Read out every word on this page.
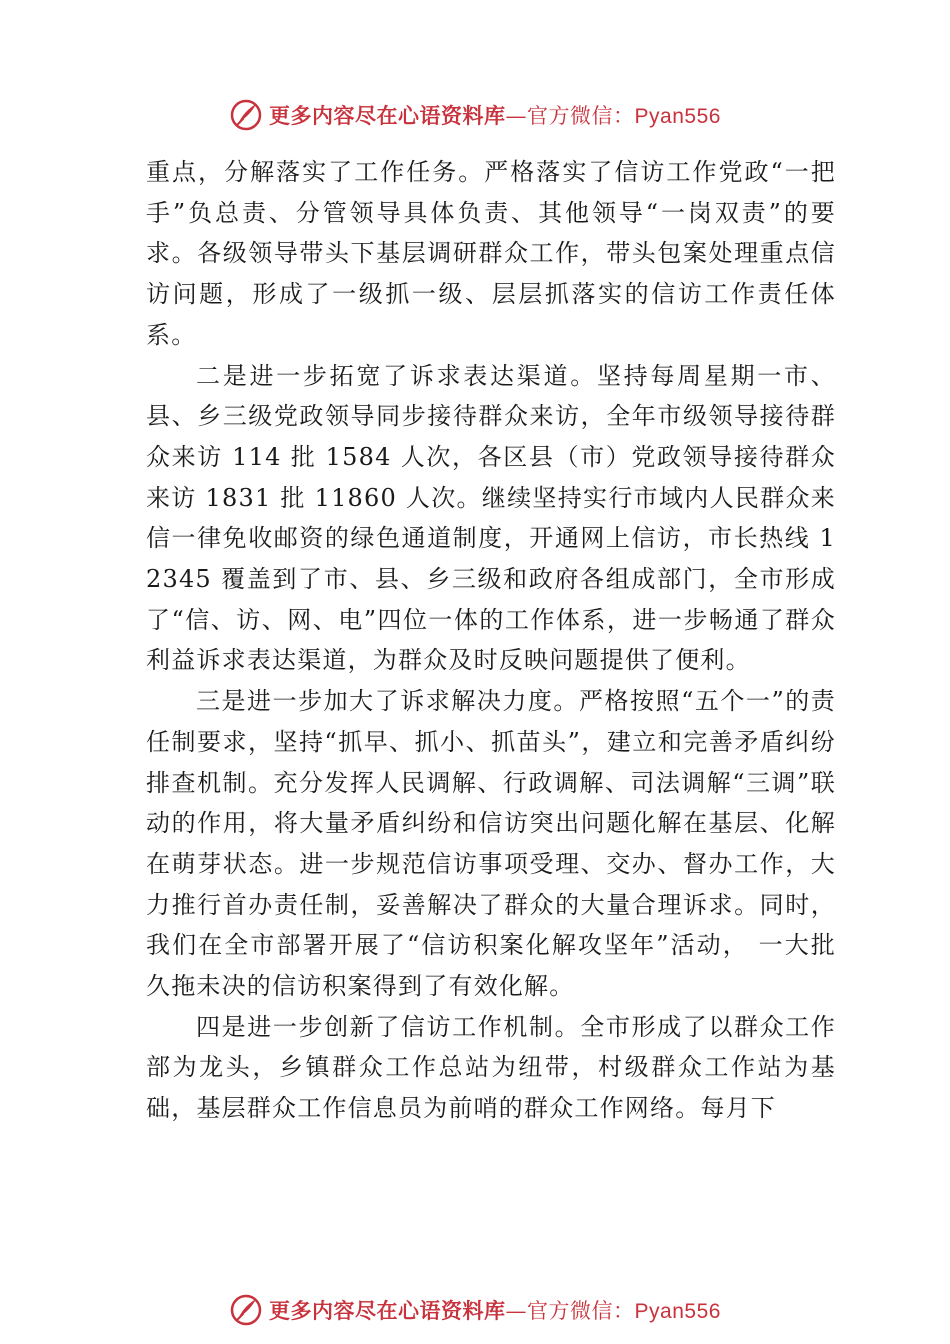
更多内容尽在心语资料库—官方微信：Pyan556

重点，分解落实了工作任务。严格落实了信访工作党政“一把手”负总责、分管领导具体负责、其他领导“一岗双责”的要求。各级领导带头下基层调研群众工作，带头包案处理重点信访问题，形成了一级抓一级、层层抓落实的信访工作责任体系。

二是进一步拓宽了诉求表达渠道。坚持每周星期一市、县、乡三级党政领导同步接待群众来访，全年市级领导接待群众来访 114 批 1584 人次，各区县（市）党政领导接待群众来访 1831 批 11860 人次。继续坚持实行市域内人民群众来信一律免收邮资的绿色通道制度，开通网上信访，市长热线 12345 覆盖到了市、县、乡三级和政府各组成部门，全市形成了“信、访、网、电”四位一体的工作体系，进一步畅通了群众利益诉求表达渠道，为群众及时反映问题提供了便利。

三是进一步加大了诉求解决力度。严格按照“五个一”的责任制要求，坚持“抓早、抓小、抓苗头”，建立和完善矛盾纠纷排查机制。充分发挥人民调解、行政调解、司法调解“三调”联动的作用，将大量矛盾纠纷和信访突出问题化解在基层、化解在萌芽状态。进一步规范信访事项受理、交办、督办工作，大力推行首办责任制，妥善解决了群众的大量合理诉求。同时，我们在全市部署开展了“信访积案化解攻坚年”活动， 一大批久拖未决的信访积案得到了有效化解。

四是进一步创新了信访工作机制。全市形成了以群众工作部为龙头，乡镇群众工作总站为纽带，村级群众工作站为基础，基层群众工作信息员为前哨的群众工作网络。每月下

更多内容尽在心语资料库—官方微信：Pyan556
